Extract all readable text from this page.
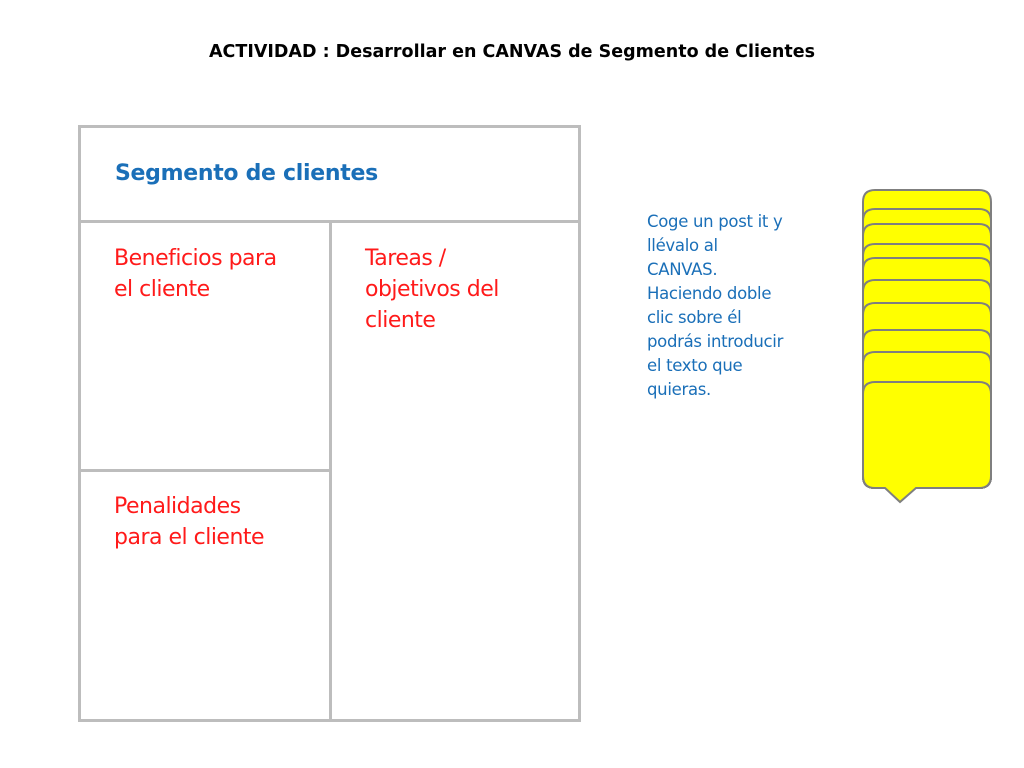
ACTIVIDAD : Desarrollar en CANVAS de Segmento de Clientes
Segmento de clientes
Beneficios para
el cliente
Penalidades
para el cliente
Tareas /
objetivos del
cliente
Coge un post it y
llévalo al
CANVAS.
Haciendo doble
clic sobre él
podrás introducir
el texto que
quieras.
